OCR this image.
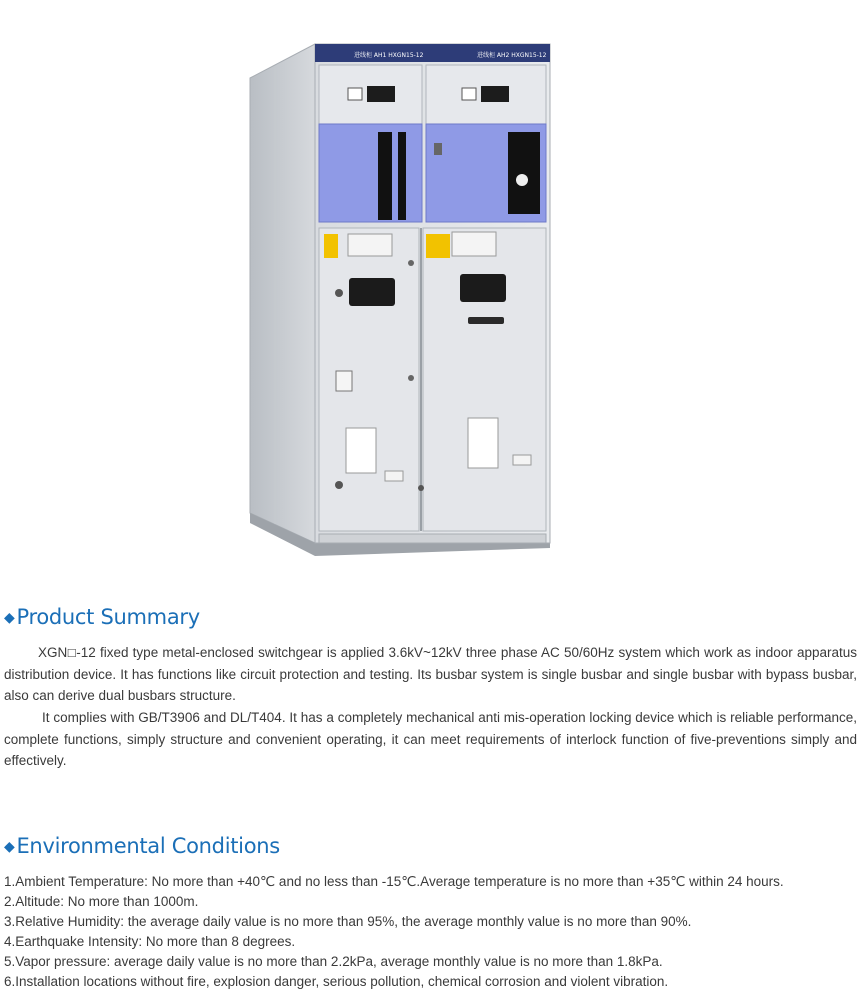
进线柜 AH1 HXGN15-12	进线柜 AH2 HXGN15-12
◆Product Summary

XGN□-12 fixed type metal-enclosed switchgear is applied 3.6kV~12kV three phase AC 50/60Hz system which work as indoor apparatus distribution device. It has functions like circuit protection and testing. Its busbar system is single busbar and single busbar with bypass busbar, also can derive dual busbars structure.

It complies with GB/T3906 and DL/T404. It has a completely mechanical anti mis-operation locking device which is reliable performance, complete functions, simply structure and convenient operating, it can meet requirements of interlock function of five-preventions simply and effectively.

◆Environmental Conditions
1.Ambient Temperature: No more than +40℃ and no less than -15℃.Average temperature is no more than +35℃ within 24 hours.
2.Altitude: No more than 1000m.
3.Relative Humidity: the average daily value is no more than 95%, the average monthly value is no more than 90%.
4.Earthquake Intensity: No more than 8 degrees.
5.Vapor pressure: average daily value is no more than 2.2kPa, average monthly value is no more than 1.8kPa.
6.Installation locations without fire, explosion danger, serious pollution, chemical corrosion and violent vibration.
